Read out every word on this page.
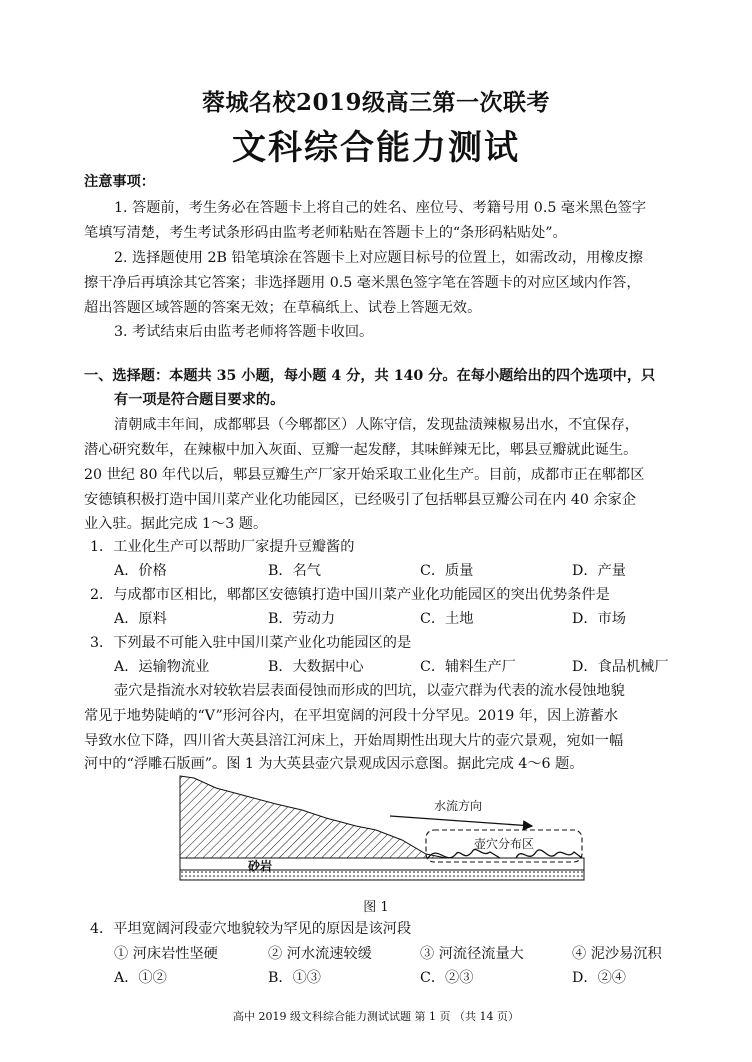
蓉城名校2019级高三第一次联考
文科综合能力测试
注意事项：
1. 答题前，考生务必在答题卡上将自己的姓名、座位号、考籍号用 0.5 毫米黑色签字
笔填写清楚，考生考试条形码由监考老师粘贴在答题卡上的“条形码粘贴处”。
2. 选择题使用 2B 铅笔填涂在答题卡上对应题目标号的位置上，如需改动，用橡皮擦
擦干净后再填涂其它答案；非选择题用 0.5 毫米黑色签字笔在答题卡的对应区域内作答，
超出答题区域答题的答案无效；在草稿纸上、试卷上答题无效。
3. 考试结束后由监考老师将答题卡收回。
一、选择题：本题共 35 小题，每小题 4 分，共 140 分。在每小题给出的四个选项中，只
有一项是符合题目要求的。
清朝咸丰年间，成都郫县（今郫都区）人陈守信，发现盐渍辣椒易出水，不宜保存，
潜心研究数年，在辣椒中加入灰面、豆瓣一起发酵，其味鲜辣无比，郫县豆瓣就此诞生。
20 世纪 80 年代以后，郫县豆瓣生产厂家开始采取工业化生产。目前，成都市正在郫都区
安德镇积极打造中国川菜产业化功能园区，已经吸引了包括郫县豆瓣公司在内 40 余家企
业入驻。据此完成 1～3 题。
1．工业化生产可以帮助厂家提升豆瓣酱的
A．价格	B．名气	C．质量	D．产量
2．与成都市区相比，郫都区安德镇打造中国川菜产业化功能园区的突出优势条件是
A．原料	B．劳动力	C．土地	D．市场
3．下列最不可能入驻中国川菜产业化功能园区的是
A．运输物流业	B．大数据中心	C．辅料生产厂	D．食品机械厂
壶穴是指流水对较软岩层表面侵蚀而形成的凹坑，以壶穴群为代表的流水侵蚀地貌
常见于地势陡峭的“V”形河谷内，在平坦宽阔的河段十分罕见。2019 年，因上游蓄水
导致水位下降，四川省大英县涪江河床上，开始周期性出现大片的壶穴景观，宛如一幅
河中的“浮雕石版画”。图 1 为大英县壶穴景观成因示意图。据此完成 4～6 题。
水流方向
壶穴分布区
砂岩
图 1
4．平坦宽阔河段壶穴地貌较为罕见的原因是该河段
① 河床岩性坚硬	② 河水流速较缓	③ 河流径流量大	④ 泥沙易沉积
A．①②	B．①③	C．②③	D．②④
高中 2019 级文科综合能力测试试题 第 1 页 （共 14 页）
